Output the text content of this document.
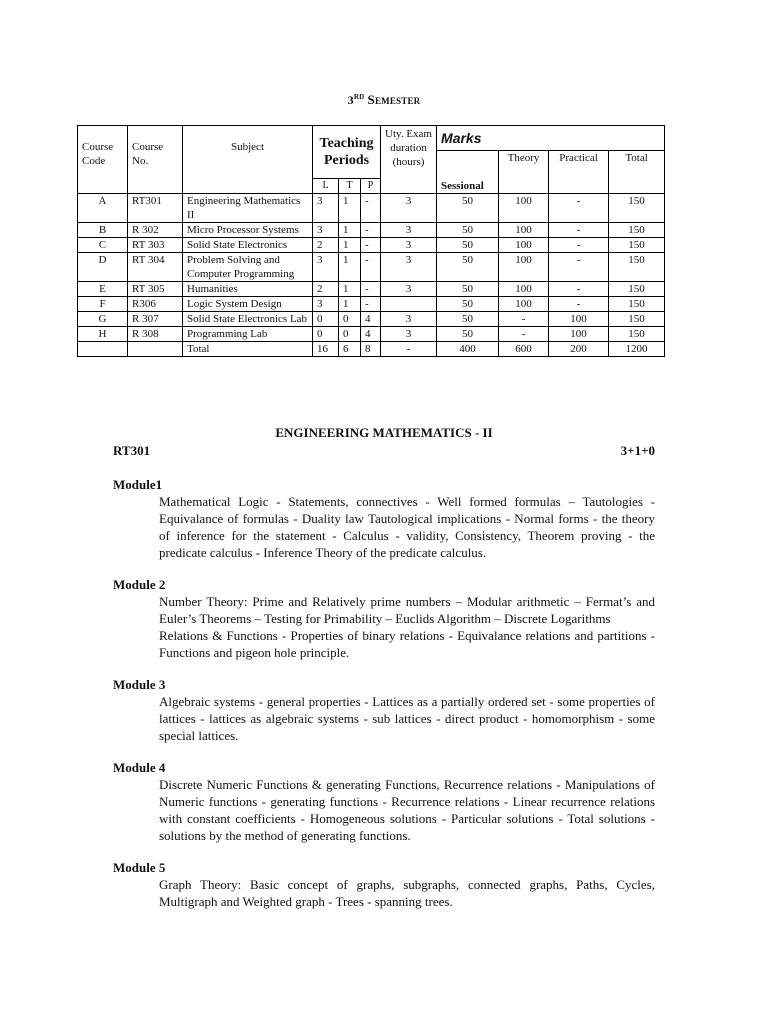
3RD Semester
Course Code	Course No.	Subject	Teaching Periods			Uty. Exam duration (hours)	Marks			
							Sessional	Theory	Practical	Total
			L	T	P					
A	RT301	Engineering Mathematics II	3	1	-	3	50	100	-	150
B	R 302	Micro Processor Systems	3	1	-	3	50	100	-	150
C	RT 303	Solid State Electronics	2	1	-	3	50	100	-	150
D	RT 304	Problem Solving and Computer Programming	3	1	-	3	50	100	-	150
E	RT 305	Humanities	2	1	-	3	50	100	-	150
F	R306	Logic System Design	3	1	-		50	100	-	150
G	R 307	Solid State Electronics Lab	0	0	4	3	50	-	100	150
H	R 308	Programming Lab	0	0	4	3	50	-	100	150
		Total	16	6	8	-	400	600	200	1200
ENGINEERING MATHEMATICS - II
RT301	3+1+0
Module1

Mathematical Logic - Statements, connectives - Well formed formulas – Tautologies - Equivalance of formulas - Duality law Tautological implications - Normal forms - the theory of inference for the statement - Calculus - validity, Consistency, Theorem proving - the predicate calculus - Inference Theory of the predicate calculus.

Module 2

Number Theory: Prime and Relatively prime numbers – Modular arithmetic – Fermat’s and Euler’s Theorems – Testing for Primability – Euclids Algorithm – Discrete Logarithms

Relations & Functions - Properties of binary relations - Equivalance relations and partitions - Functions and pigeon hole principle.

Module 3

Algebraic systems - general properties - Lattices as a partially ordered set - some properties of lattices - lattices as algebraic systems - sub lattices - direct product - homomorphism - some special lattices.

Module 4

Discrete Numeric Functions & generating Functions, Recurrence relations - Manipulations of Numeric functions - generating functions - Recurrence relations - Linear recurrence relations with constant coefficients - Homogeneous solutions - Particular solutions - Total solutions - solutions by the method of generating functions.

Module 5

Graph Theory: Basic concept of graphs, subgraphs, connected graphs, Paths, Cycles, Multigraph and Weighted graph - Trees - spanning trees.
